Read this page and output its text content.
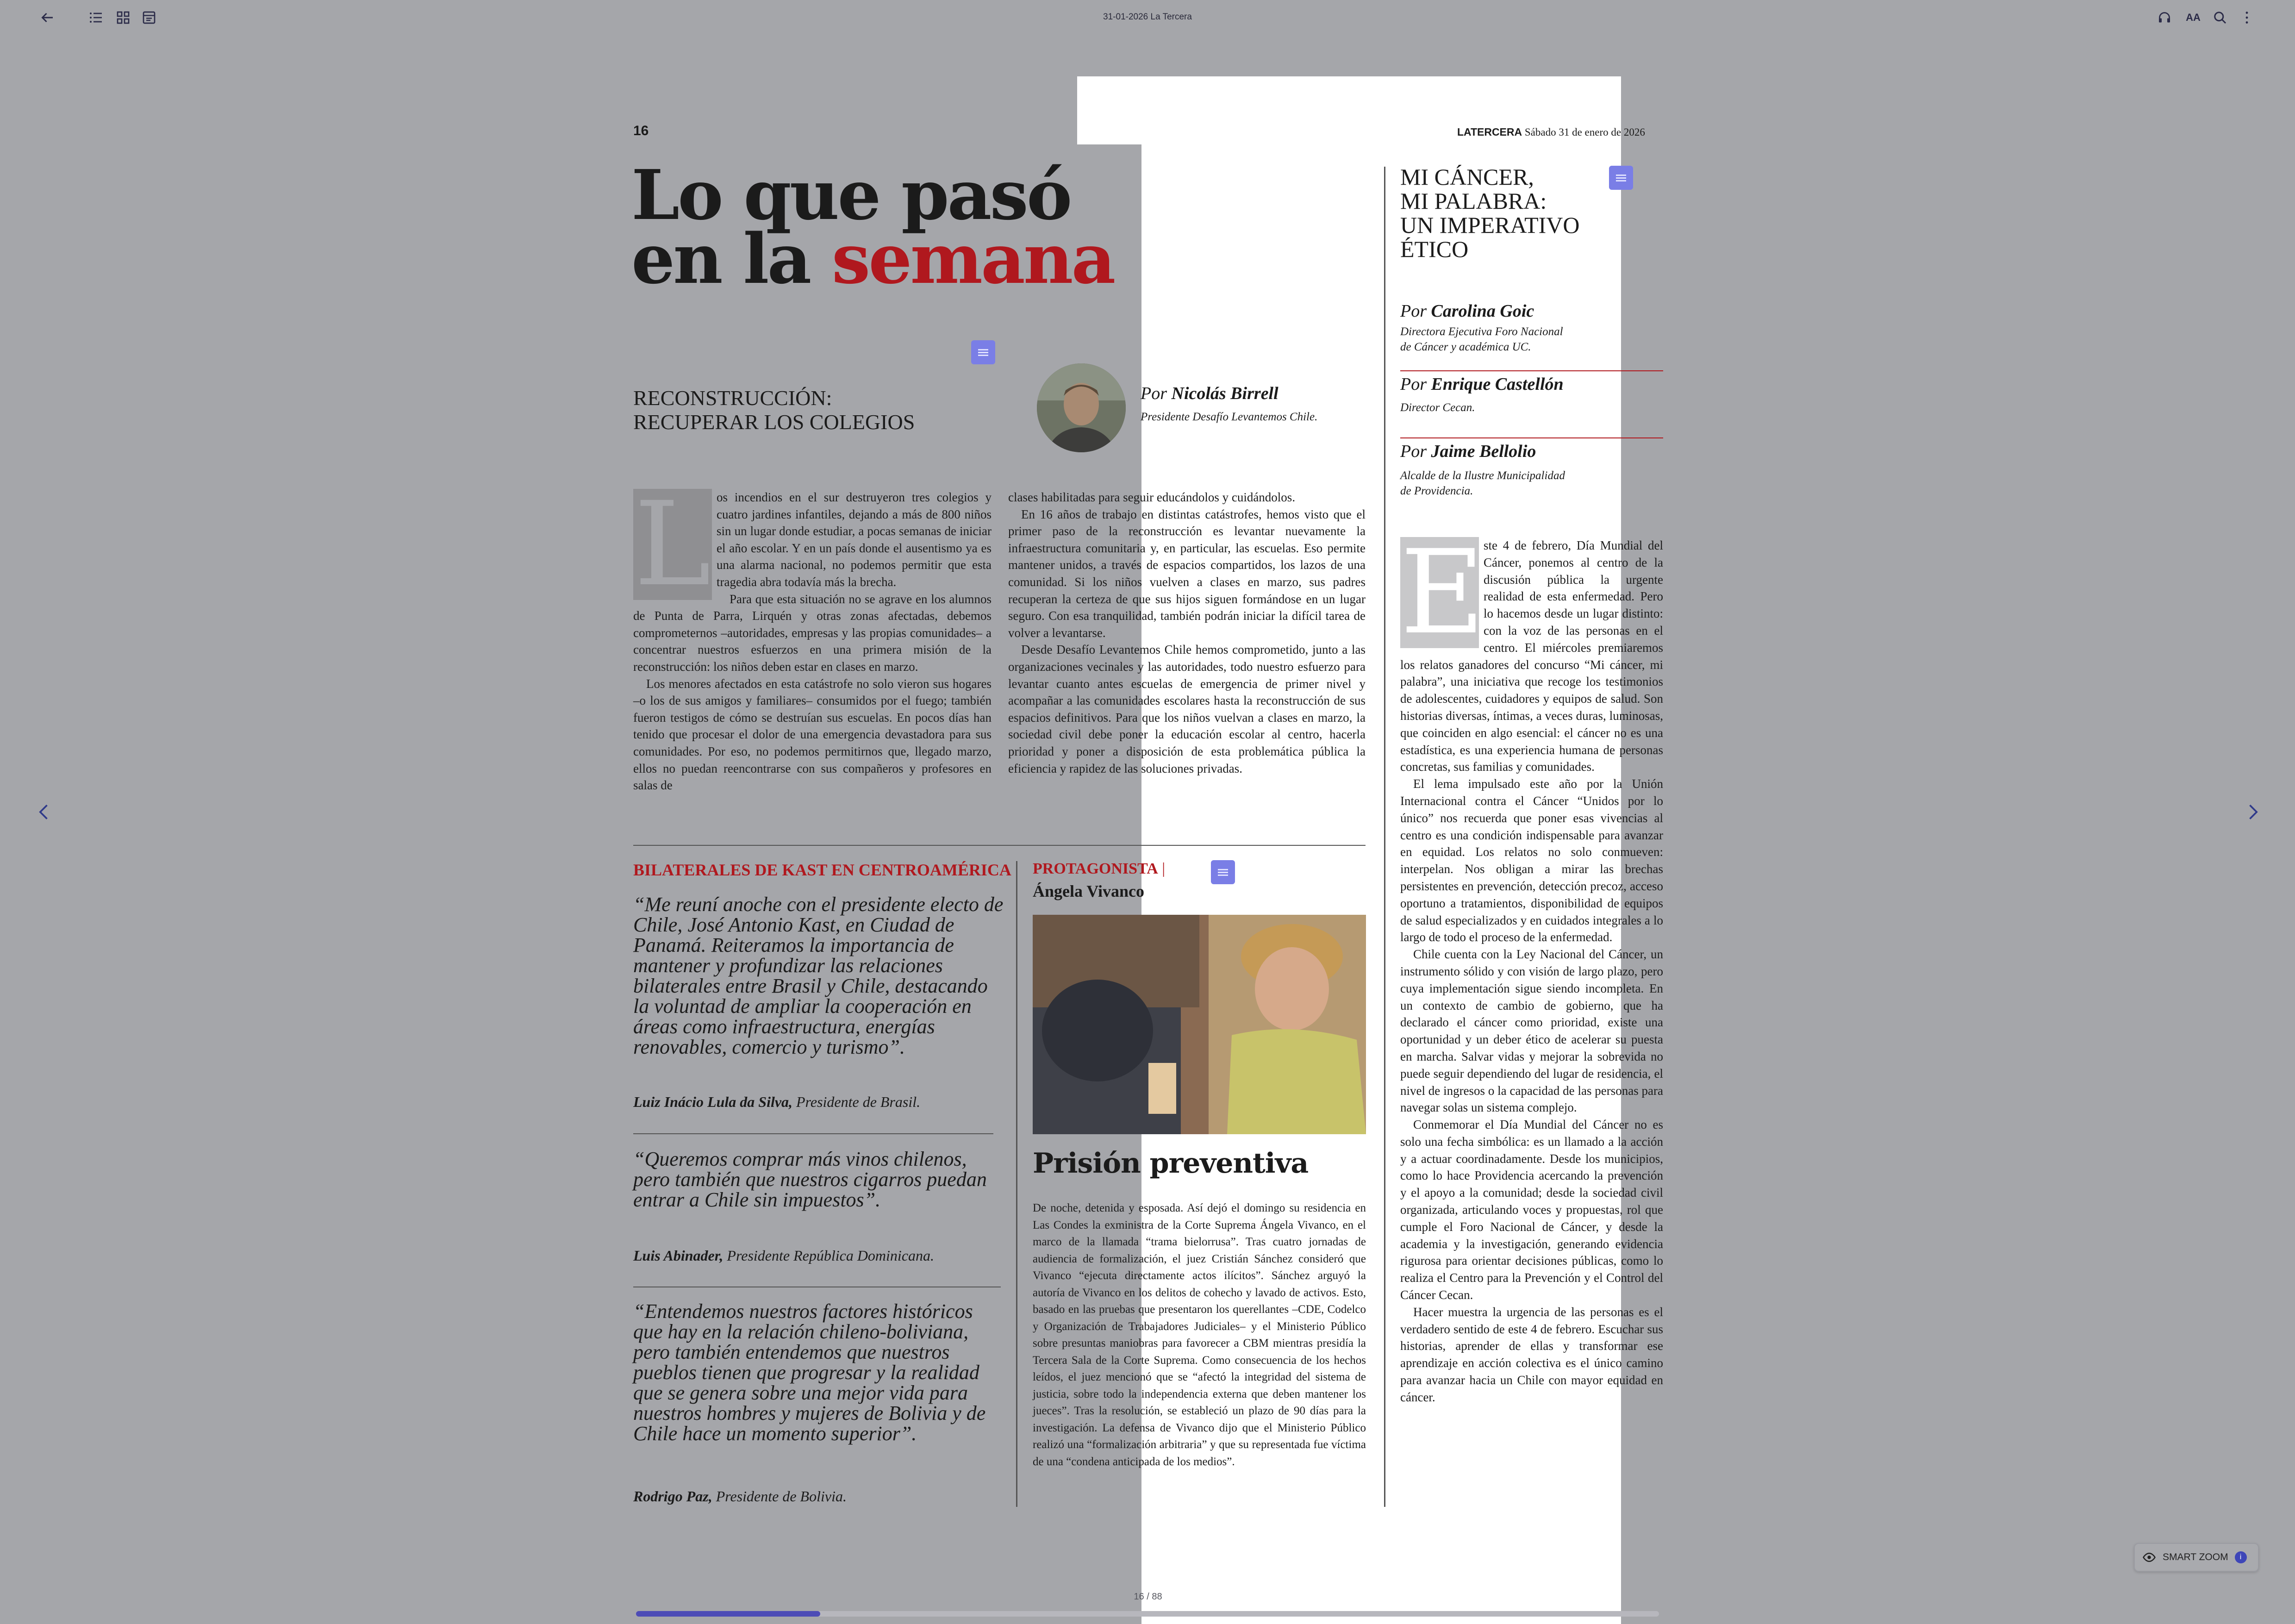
31-01-2026 La Tercera	AA
16	LATERCERA Sábado 31 de enero de 2026
Lo que pasó
en la semana
RECONSTRUCCIÓN:
RECUPERAR LOS COLEGIOS
Por Nicolás Birrell
Presidente Desafío Levantemos Chile.
L os incendios en el sur destruyeron tres colegios y cuatro jardines infantiles, dejando a más de 800 niños sin un lugar donde estudiar, a pocas semanas de iniciar el año escolar. Y en un país donde el ausentismo ya es una alarma nacional, no podemos permitir que esta tragedia abra todavía más la brecha.

Para que esta situación no se agrave en los alumnos de Punta de Parra, Lirquén y otras zonas afectadas, debemos comprometernos –autoridades, empresas y las propias comunidades– a concentrar nuestros esfuerzos en una primera misión de la reconstrucción: los niños deben estar en clases en marzo.

Los menores afectados en esta catástrofe no solo vieron sus hogares –o los de sus amigos y familiares– consumidos por el fuego; también fueron testigos de cómo se destruían sus escuelas. En pocos días han tenido que procesar el dolor de una emergencia devastadora para sus comunidades. Por eso, no podemos permitirnos que, llegado marzo, ellos no puedan reencontrarse con sus compañeros y profesores en salas de

clases habilitadas para seguir educándolos y cuidándolos.

En 16 años de trabajo en distintas catástrofes, hemos visto que el primer paso de la reconstrucción es levantar nuevamente la infraestructura comunitaria y, en particular, las escuelas. Eso permite mantener unidos, a través de espacios compartidos, los lazos de una comunidad. Si los niños vuelven a clases en marzo, sus padres recuperan la certeza de que sus hijos siguen formándose en un lugar seguro. Con esa tranquilidad, también podrán iniciar la difícil tarea de volver a levantarse.

Desde Desafío Levantemos Chile hemos comprometido, junto a las organizaciones vecinales y las autoridades, todo nuestro esfuerzo para levantar cuanto antes escuelas de emergencia de primer nivel y acompañar a las comunidades escolares hasta la reconstrucción de sus espacios definitivos. Para que los niños vuelvan a clases en marzo, la sociedad civil debe poner la educación escolar al centro, hacerla prioridad y poner a disposición de esta problemática pública la eficiencia y rapidez de las soluciones privadas.

BILATERALES DE KAST EN CENTROAMÉRICA
“Me reuní anoche con el presidente electo de Chile, José Antonio Kast, en Ciudad de Panamá. Reiteramos la importancia de mantener y profundizar las relaciones bilaterales entre Brasil y Chile, destacando la voluntad de ampliar la cooperación en áreas como infraestructura, energías renovables, comercio y turismo”.
Luiz Inácio Lula da Silva, Presidente de Brasil.
“Queremos comprar más vinos chilenos, pero también que nuestros cigarros puedan entrar a Chile sin impuestos”.
Luis Abinader, Presidente República Dominicana.
“Entendemos nuestros factores históricos que hay en la relación chileno-boliviana, pero también entendemos que nuestros pueblos tienen que progresar y la realidad que se genera sobre una mejor vida para nuestros hombres y mujeres de Bolivia y de Chile hace un momento superior”.
Rodrigo Paz, Presidente de Bolivia.
PROTAGONISTA |
Ángela Vivanco
Prisión preventiva
De noche, detenida y esposada. Así dejó el domingo su residencia en Las Condes la exministra de la Corte Suprema Ángela Vivanco, en el marco de la llamada “trama bielorrusa”. Tras cuatro jornadas de audiencia de formalización, el juez Cristián Sánchez consideró que Vivanco “ejecuta directamente actos ilícitos”. Sánchez arguyó la autoría de Vivanco en los delitos de cohecho y lavado de activos. Esto, basado en las pruebas que presentaron los querellantes –CDE, Codelco y Organización de Trabajadores Judiciales– y el Ministerio Público sobre presuntas maniobras para favorecer a CBM mientras presidía la Tercera Sala de la Corte Suprema. Como consecuencia de los hechos leídos, el juez mencionó que se “afectó la integridad del sistema de justicia, sobre todo la independencia externa que deben mantener los jueces”. Tras la resolución, se estableció un plazo de 90 días para la investigación. La defensa de Vivanco dijo que el Ministerio Público realizó una “formalización arbitraria” y que su representada fue víctima de una “condena anticipada de los medios”.
MI CÁNCER,
MI PALABRA:
UN IMPERATIVO
ÉTICO
Por Carolina Goic
Directora Ejecutiva Foro Nacional
de Cáncer y académica UC.
Por Enrique Castellón
Director Cecan.
Por Jaime Bellolio
Alcalde de la Ilustre Municipalidad
de Providencia.
E

ste 4 de febrero, Día Mundial del Cáncer, ponemos al centro de la discusión pública la urgente realidad de esta enfermedad. Pero lo hacemos desde un lugar distinto: con la voz de las personas en el centro. El miércoles premiaremos los relatos ganadores del concurso “Mi cáncer, mi palabra”, una iniciativa que recoge los testimonios de adolescentes, cuidadores y equipos de salud. Son historias diversas, íntimas, a veces duras, luminosas, que coinciden en algo esencial: el cáncer no es una estadística, es una experiencia humana de personas concretas, sus familias y comunidades.

El lema impulsado este año por la Unión Internacional contra el Cáncer “Unidos por lo único” nos recuerda que poner esas vivencias al centro es una condición indispensable para avanzar en equidad. Los relatos no solo conmueven: interpelan. Nos obligan a mirar las brechas persistentes en prevención, detección precoz, acceso oportuno a tratamientos, disponibilidad de equipos de salud especializados y en cuidados integrales a lo largo de todo el proceso de la enfermedad.

Chile cuenta con la Ley Nacional del Cáncer, un instrumento sólido y con visión de largo plazo, pero cuya implementación sigue siendo incompleta. En un contexto de cambio de gobierno, que ha declarado el cáncer como prioridad, existe una oportunidad y un deber ético de acelerar su puesta en marcha. Salvar vidas y mejorar la sobrevida no puede seguir dependiendo del lugar de residencia, el nivel de ingresos o la capacidad de las personas para navegar solas un sistema complejo.

Conmemorar el Día Mundial del Cáncer no es solo una fecha simbólica: es un llamado a la acción y a actuar coordinadamente. Desde los municipios, como lo hace Providencia acercando la prevención y el apoyo a la comunidad; desde la sociedad civil organizada, articulando voces y propuestas, rol que cumple el Foro Nacional de Cáncer, y desde la academia y la investigación, generando evidencia rigurosa para orientar decisiones públicas, como lo realiza el Centro para la Prevención y el Control del Cáncer Cecan.

Hacer muestra la urgencia de las personas es el verdadero sentido de este 4 de febrero. Escuchar sus historias, aprender de ellas y transformar ese aprendizaje en acción colectiva es el único camino para avanzar hacia un Chile con mayor equidad en cáncer.

16 / 88
SMART ZOOM	i
